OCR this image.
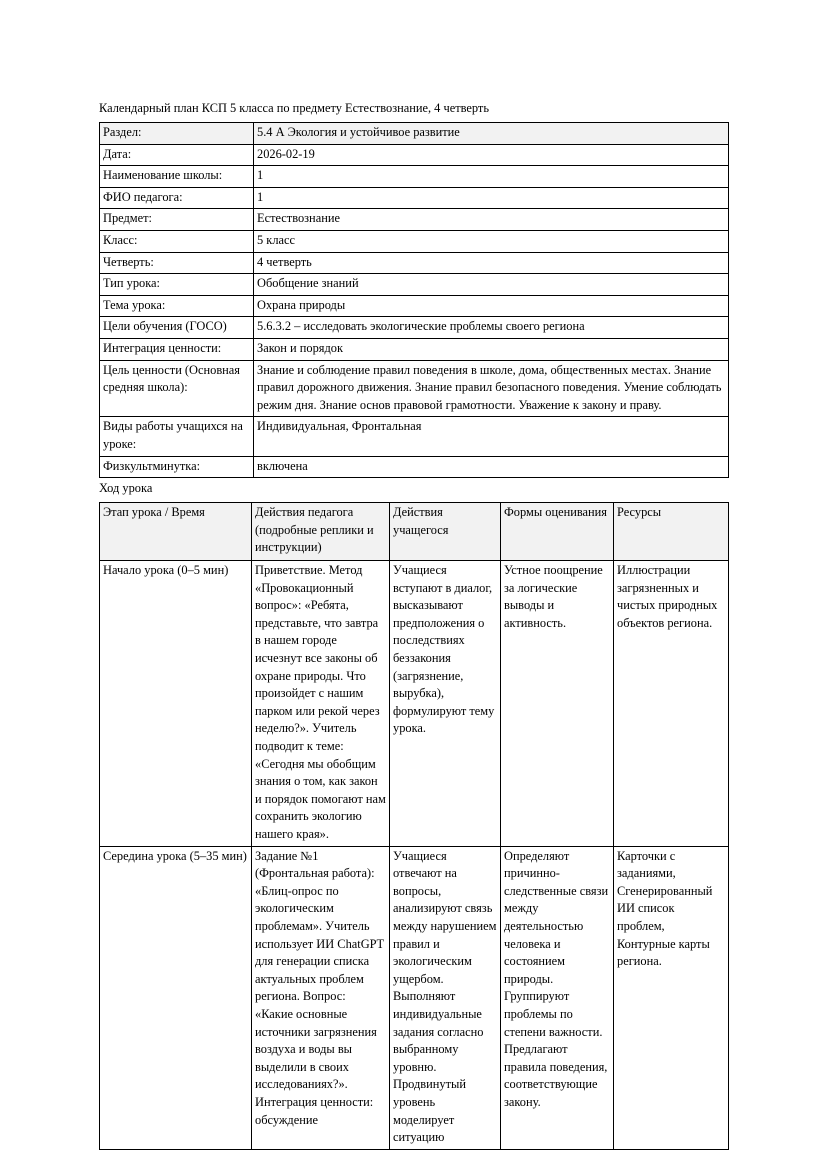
Календарный план КСП 5 класса по предмету Естествознание, 4 четверть

Раздел:	5.4 А Экология и устойчивое развитие
Дата:	2026-02-19
Наименование школы:	1
ФИО педагога:	1
Предмет:	Естествознание
Класс:	5 класс
Четверть:	4 четверть
Тип урока:	Обобщение знаний
Тема урока:	Охрана природы
Цели обучения (ГОСО)	5.6.3.2 – исследовать экологические проблемы своего региона
Интеграция ценности:	Закон и порядок
Цель ценности (Основная средняя школа):	Знание и соблюдение правил поведения в школе, дома, общественных местах. Знание правил дорожного движения. Знание правил безопасного поведения. Умение соблюдать режим дня. Знание основ правовой грамотности. Уважение к закону и праву.
Виды работы учащихся на уроке:	Индивидуальная, Фронтальная
Физкультминутка:	включена

Ход урока

Этап урока / Время	Действия педагога (подробные реплики и инструкции)	Действия учащегося	Формы оценивания	Ресурсы
Начало урока (0–5 мин)	Приветствие. Метод «Провокационный вопрос»: «Ребята, представьте, что завтра в нашем городе исчезнут все законы об охране природы. Что произойдет с нашим парком или рекой через неделю?». Учитель подводит к теме: «Сегодня мы обобщим знания о том, как закон и порядок помогают нам сохранить экологию нашего края».	Учащиеся вступают в диалог, высказывают предположения о последствиях беззакония (загрязнение, вырубка), формулируют тему урока.	Устное поощрение за логические выводы и активность.	Иллюстрации загрязненных и чистых природных объектов региона.
Середина урока (5–35 мин)	Задание №1 (Фронтальная работа): «Блиц-опрос по экологическим проблемам». Учитель использует ИИ ChatGPT для генерации списка актуальных проблем региона. Вопрос: «Какие основные источники загрязнения воздуха и воды вы выделили в своих исследованиях?». Интеграция ценности: обсуждение	Учащиеся отвечают на вопросы, анализируют связь между нарушением правил и экологическим ущербом. Выполняют индивидуальные задания согласно выбранному уровню. Продвинутый уровень моделирует ситуацию	Определяют причинно-следственные связи между деятельностью человека и состоянием природы. Группируют проблемы по степени важности. Предлагают правила поведения, соответствующие закону.	Карточки с заданиями, Сгенерированный ИИ список проблем, Контурные карты региона.
